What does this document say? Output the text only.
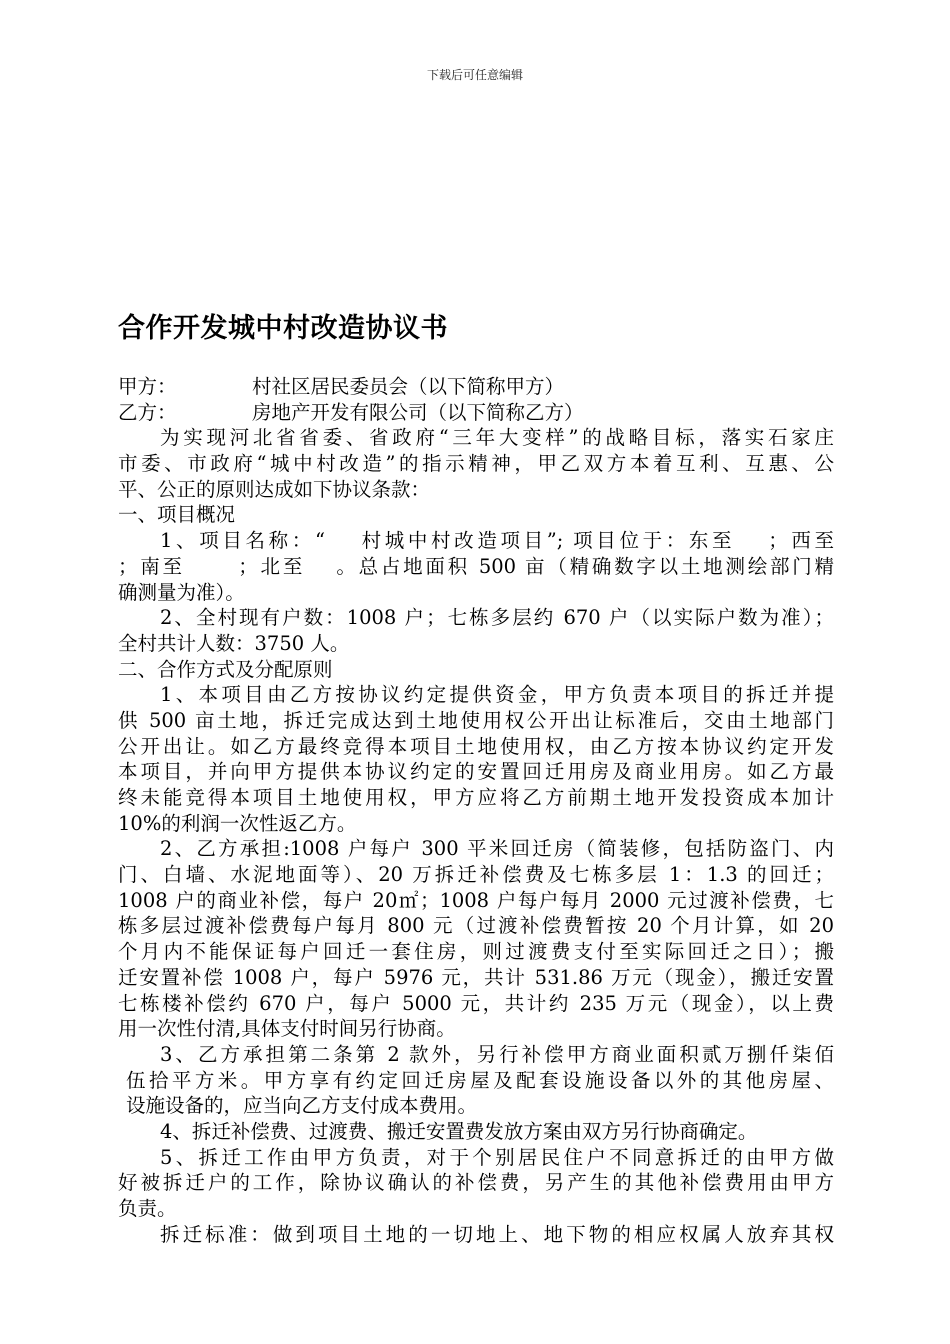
下载后可任意编辑
合作开发城中村改造协议书
甲方：	村社区居民委员会（以下简称甲方）
乙方：	房地产开发有限公司（以下简称乙方）
为实现河北省省委、省政府“三年大变样”的战略目标，落实石家庄
市委、市政府“城中村改造”的指示精神，甲乙双方本着互利、互惠、公
平、公正的原则达成如下协议条款：
一、项目概况
1、项目名称：“　 村城中村改造项目”; 项目位于：东至　 ；西至
；南至　　 ；北至　 。总占地面积 500 亩（精确数字以土地测绘部门精
确测量为准）。
2、全村现有户数：1008 户；七栋多层约 670 户（以实际户数为准）；
全村共计人数：3750 人。
二、合作方式及分配原则
1、本项目由乙方按协议约定提供资金，甲方负责本项目的拆迁并提
供 500 亩土地，拆迁完成达到土地使用权公开出让标准后，交由土地部门
公开出让。如乙方最终竞得本项目土地使用权，由乙方按本协议约定开发
本项目，并向甲方提供本协议约定的安置回迁用房及商业用房。如乙方最
终未能竞得本项目土地使用权，甲方应将乙方前期土地开发投资成本加计
10%的利润一次性返乙方。
2、乙方承担:1008 户每户 300 平米回迁房（简装修，包括防盗门、内
门、白墙、水泥地面等）、20 万拆迁补偿费及七栋多层 1：1.3 的回迁；
1008 户的商业补偿，每户 20㎡；1008 户每户每月 2000 元过渡补偿费，七
栋多层过渡补偿费每户每月 800 元（过渡补偿费暂按 20 个月计算，如 20
个月内不能保证每户回迁一套住房，则过渡费支付至实际回迁之日）；搬
迁安置补偿 1008 户，每户 5976 元，共计 531.86 万元（现金），搬迁安置
七栋楼补偿约 670 户，每户 5000 元，共计约 235 万元（现金），以上费
用一次性付清,具体支付时间另行协商。
3、乙方承担第二条第 2 款外，另行补偿甲方商业面积贰万捌仟柒佰
伍拾平方米。甲方享有约定回迁房屋及配套设施设备以外的其他房屋、
设施设备的，应当向乙方支付成本费用。
4、拆迁补偿费、过渡费、搬迁安置费发放方案由双方另行协商确定。
5、拆迁工作由甲方负责，对于个别居民住户不同意拆迁的由甲方做
好被拆迁户的工作，除协议确认的补偿费，另产生的其他补偿费用由甲方
负责。
拆迁标准：做到项目土地的一切地上、地下物的相应权属人放弃其权
